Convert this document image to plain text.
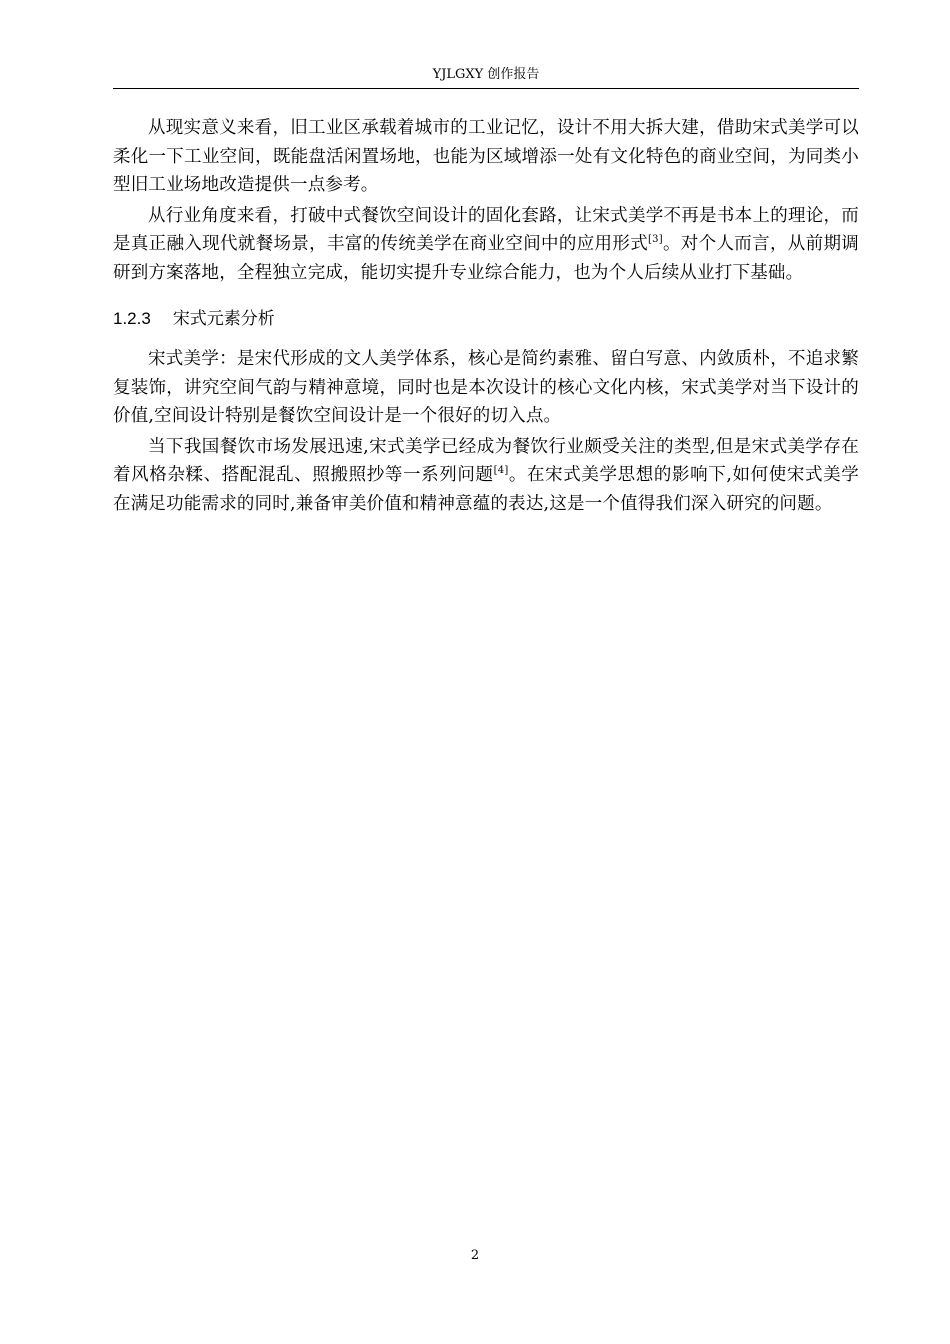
YJLGXY 创作报告

从现实意义来看，旧工业区承载着城市的工业记忆，设计不用大拆大建，借助宋式美学可以柔化一下工业空间，既能盘活闲置场地，也能为区域增添一处有文化特色的商业空间，为同类小型旧工业场地改造提供一点参考。

从行业角度来看，打破中式餐饮空间设计的固化套路，让宋式美学不再是书本上的理论，而是真正融入现代就餐场景，丰富的传统美学在商业空间中的应用形式[3]。对个人而言，从前期调研到方案落地，全程独立完成，能切实提升专业综合能力，也为个人后续从业打下基础。

1.2.3 宋式元素分析

宋式美学：是宋代形成的文人美学体系，核心是简约素雅、留白写意、内敛质朴，不追求繁复装饰，讲究空间气韵与精神意境，同时也是本次设计的核心文化内核，宋式美学对当下设计的价值,空间设计特别是餐饮空间设计是一个很好的切入点。

当下我国餐饮市场发展迅速,宋式美学已经成为餐饮行业颇受关注的类型,但是宋式美学存在着风格杂糅、搭配混乱、照搬照抄等一系列问题[4]。在宋式美学思想的影响下,如何使宋式美学在满足功能需求的同时,兼备审美价值和精神意蕴的表达,这是一个值得我们深入研究的问题。

2
